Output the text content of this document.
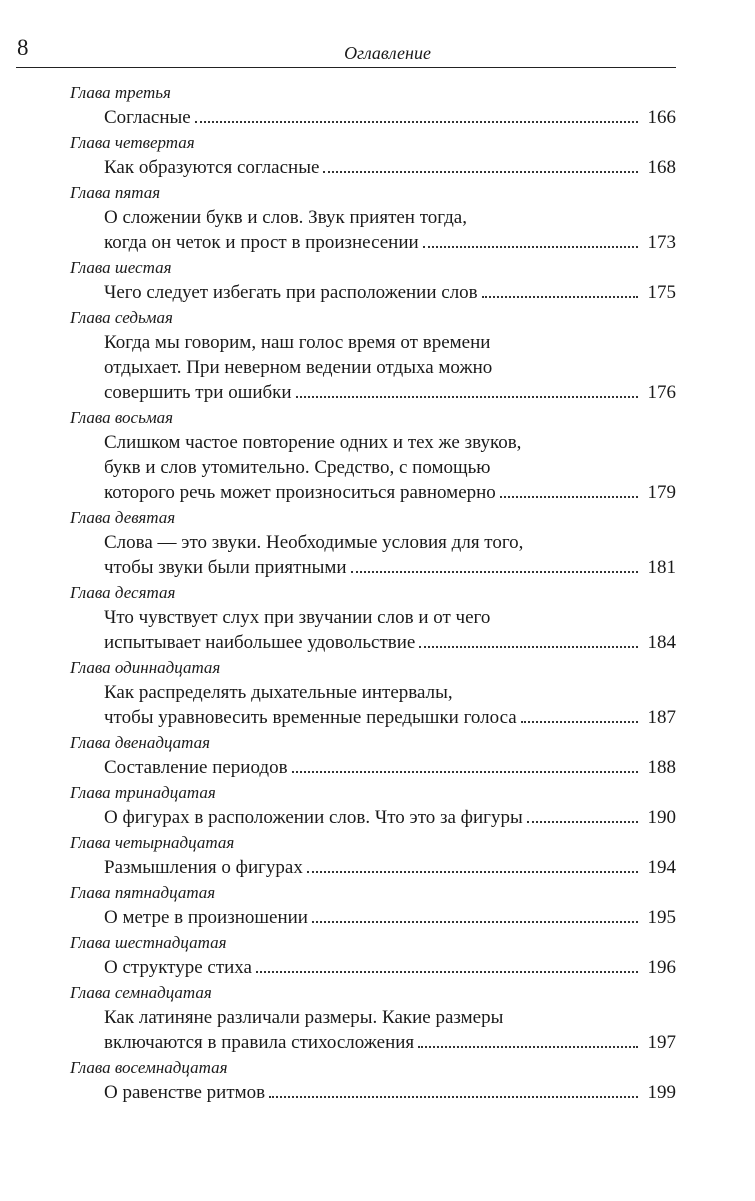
8	Оглавление
Глава третья
Согласные	166
Глава четвертая
Как образуются согласные	168
Глава пятая
О сложении букв и слов. Звук приятен тогда,
когда он четок и прост в произнесении	173
Глава шестая
Чего следует избегать при расположении слов	175
Глава седьмая
Когда мы говорим, наш голос время от времени
отдыхает. При неверном ведении отдыха можно
совершить три ошибки	176
Глава восьмая
Слишком частое повторение одних и тех же звуков,
букв и слов утомительно. Средство, с помощью
которого речь может произноситься равномерно	179
Глава девятая
Слова — это звуки. Необходимые условия для того,
чтобы звуки были приятными	181
Глава десятая
Что чувствует слух при звучании слов и от чего
испытывает наибольшее удовольствие	184
Глава одиннадцатая
Как распределять дыхательные интервалы,
чтобы уравновесить временные передышки голоса	187
Глава двенадцатая
Составление периодов	188
Глава тринадцатая
О фигурах в расположении слов. Что это за фигуры	190
Глава четырнадцатая
Размышления о фигурах	194
Глава пятнадцатая
О метре в произношении	195
Глава шестнадцатая
О структуре стиха	196
Глава семнадцатая
Как латиняне различали размеры. Какие размеры
включаются в правила стихосложения	197
Глава восемнадцатая
О равенстве ритмов	199
